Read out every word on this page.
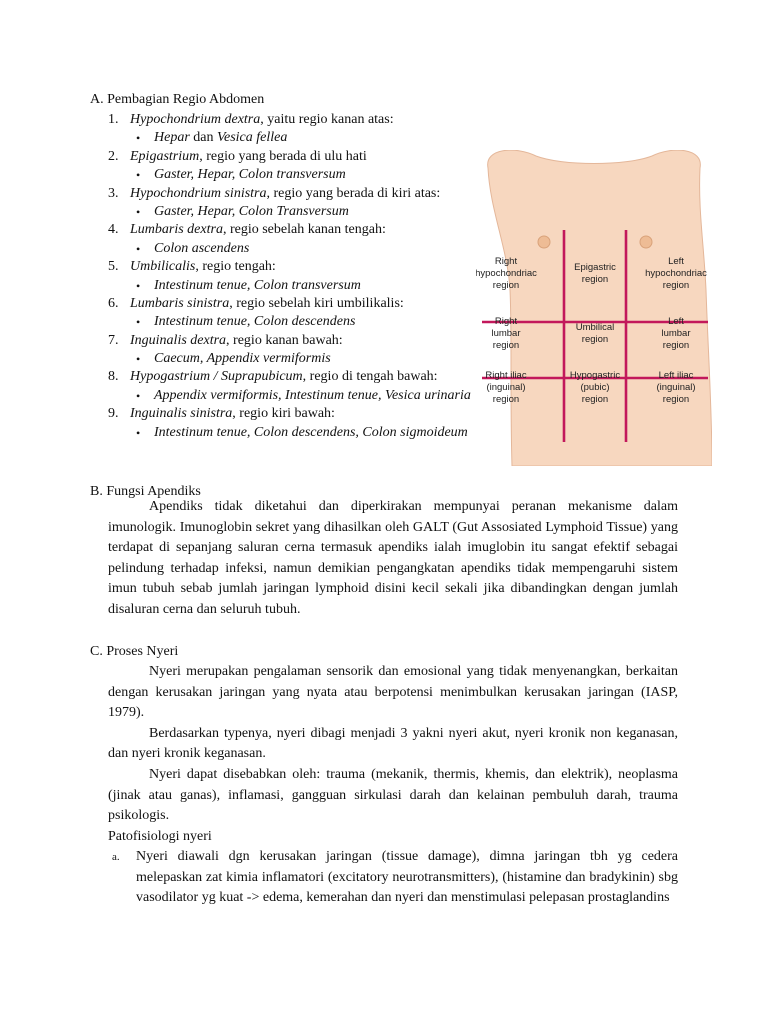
A. Pembagian Regio Abdomen
1. Hypochondrium dextra, yaitu regio kanan atas:
• Hepar dan Vesica fellea
2. Epigastrium, regio yang berada di ulu hati
• Gaster, Hepar, Colon transversum
3. Hypochondrium sinistra, regio yang berada di kiri atas:
• Gaster, Hepar, Colon Transversum
4. Lumbaris dextra, regio sebelah kanan tengah:
• Colon ascendens
5. Umbilicalis, regio tengah:
• Intestinum tenue, Colon transversum
6. Lumbaris sinistra, regio sebelah kiri umbilikalis:
• Intestinum tenue, Colon descendens
7. Inguinalis dextra, regio kanan bawah:
• Caecum, Appendix vermiformis
8. Hypogastrium / Suprapubicum, regio di tengah bawah:
• Appendix vermiformis, Intestinum tenue, Vesica urinaria
9. Inguinalis sinistra, regio kiri bawah:
• Intestinum tenue, Colon descendens, Colon sigmoideum
Right hypochondriac region
Epigastric region
Left hypochondriac region
Right lumbar region
Umbilical region
Left lumbar region
Right iliac (inguinal) region
Hypogastric (pubic) region
Left iliac (inguinal) region
B. Fungsi Apendiks

Apendiks tidak diketahui dan diperkirakan mempunyai peranan mekanisme dalam imunologik. Imunoglobin sekret yang dihasilkan oleh GALT (Gut Assosiated Lymphoid Tissue) yang terdapat di sepanjang saluran cerna termasuk apendiks ialah imuglobin itu sangat efektif sebagai pelindung terhadap infeksi, namun demikian pengangkatan apendiks tidak mempengaruhi sistem imun tubuh sebab jumlah jaringan lymphoid disini kecil sekali jika dibandingkan dengan jumlah disaluran cerna dan seluruh tubuh.

C. Proses Nyeri

Nyeri merupakan pengalaman sensorik dan emosional yang tidak menyenangkan, berkaitan dengan kerusakan jaringan yang nyata atau berpotensi menimbulkan kerusakan jaringan (IASP, 1979).

Berdasarkan typenya, nyeri dibagi menjadi 3 yakni nyeri akut, nyeri kronik non keganasan, dan nyeri kronik keganasan.

Nyeri dapat disebabkan oleh: trauma (mekanik, thermis, khemis, dan elektrik), neoplasma (jinak atau ganas), inflamasi, gangguan sirkulasi darah dan kelainan pembuluh darah, trauma psikologis.

Patofisiologi nyeri

a.	Nyeri diawali dgn kerusakan jaringan (tissue damage), dimna jaringan tbh yg cedera melepaskan zat kimia inflamatori (excitatory neurotransmitters), (histamine dan bradykinin) sbg vasodilator yg kuat -> edema, kemerahan dan nyeri dan menstimulasi pelepasan prostaglandins
